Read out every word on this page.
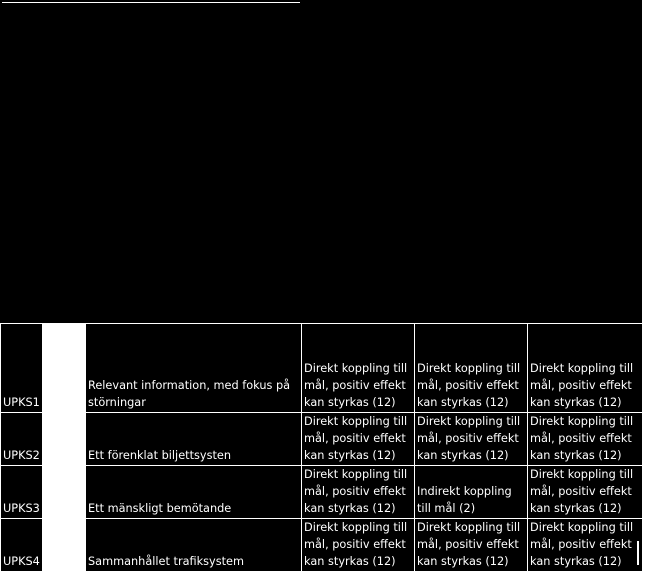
UPKS1		Relevant information, med fokus på störningar	Direkt koppling till mål, positiv effekt kan styrkas (12)	Direkt koppling till mål, positiv effekt kan styrkas (12)	Direkt koppling till mål, positiv effekt kan styrkas (12)
UPKS2		Ett förenklat biljettsysten	Direkt koppling till mål, positiv effekt kan styrkas (12)	Direkt koppling till mål, positiv effekt kan styrkas (12)	Direkt koppling till mål, positiv effekt kan styrkas (12)
UPKS3		Ett mänskligt bemötande	Direkt koppling till mål, positiv effekt kan styrkas (12)	Indirekt koppling till mål (2)	Direkt koppling till mål, positiv effekt kan styrkas (12)
UPKS4		Sammanhållet trafiksystem	Direkt koppling till mål, positiv effekt kan styrkas (12)	Direkt koppling till mål, positiv effekt kan styrkas (12)	Direkt koppling till mål, positiv effekt kan styrkas (12)
